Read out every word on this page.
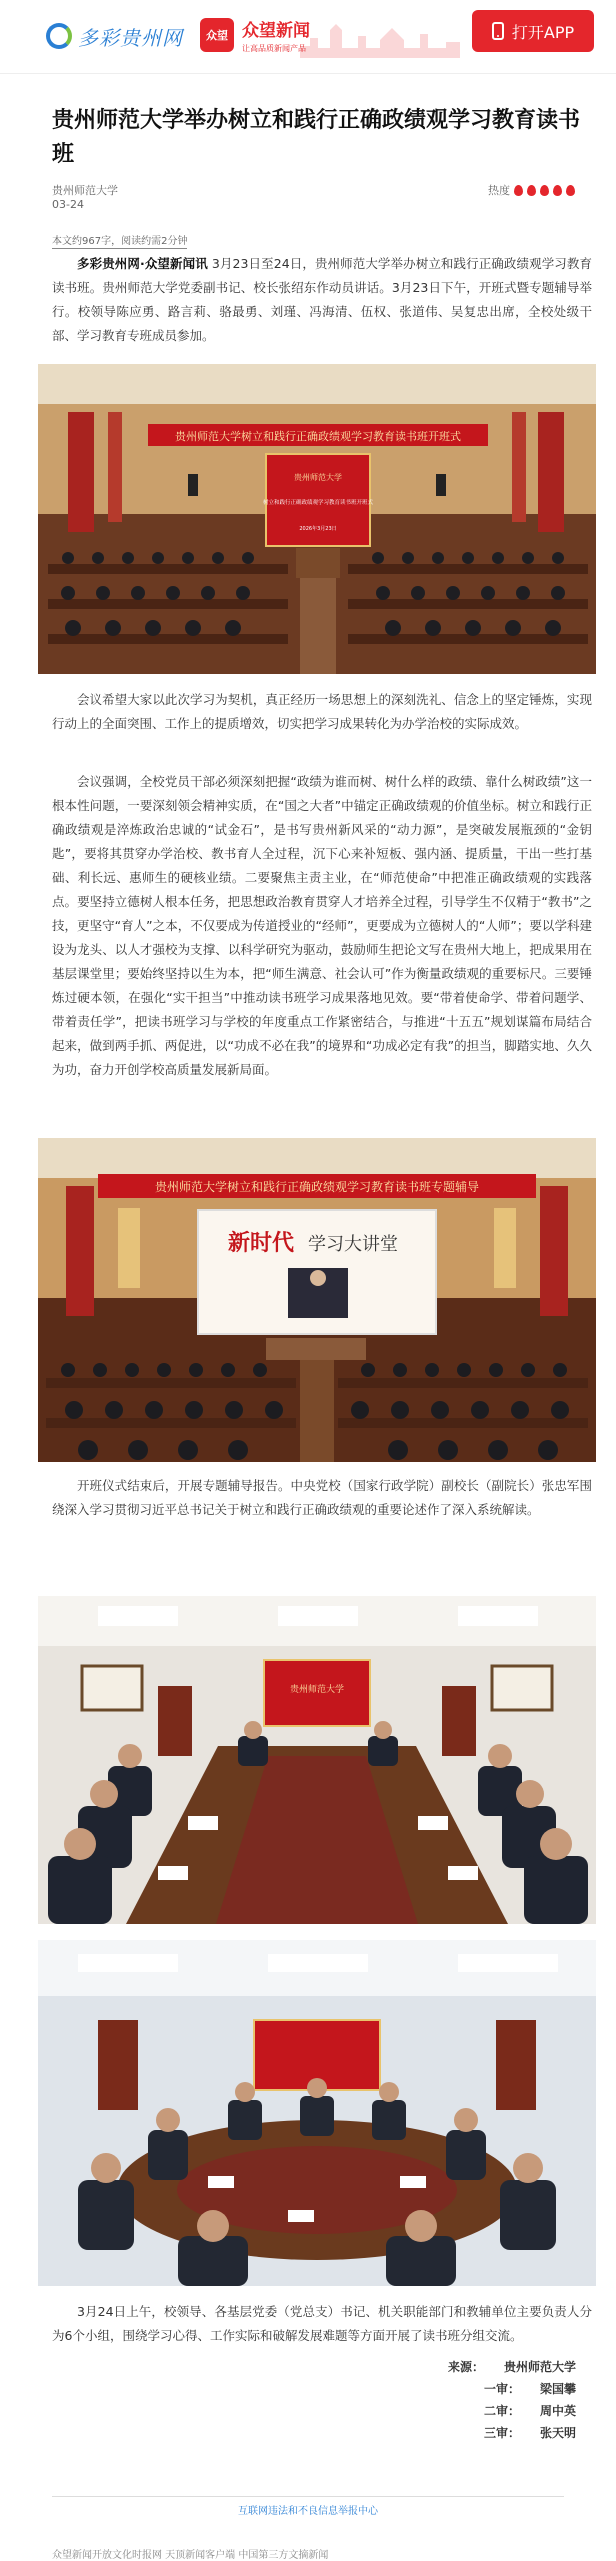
多彩贵州网	众望 众望新闻
让高品质新闻产品
打开APP
贵州师范大学举办树立和践行正确政绩观学习教育读书班
贵州师范大学
03-24
热度
本文约967字，阅读约需2分钟

多彩贵州网·众望新闻讯 3月23日至24日，贵州师范大学举办树立和践行正确政绩观学习教育读书班。贵州师范大学党委副书记、校长张绍东作动员讲话。3月23日下午，开班式暨专题辅导举行。校领导陈应勇、路言莉、骆最勇、刘瑾、冯海清、伍权、张道伟、吴复忠出席，全校处级干部、学习教育专班成员参加。

贵州师范大学树立和践行正确政绩观学习教育读书班开班式
贵州师范大学
树立和践行正确政绩观学习教育读书班开班式
2026年3月23日

会议希望大家以此次学习为契机，真正经历一场思想上的深刻洗礼、信念上的坚定锤炼，实现行动上的全面突围、工作上的提质增效，切实把学习成果转化为办学治校的实际成效。

会议强调，全校党员干部必须深刻把握“政绩为谁而树、树什么样的政绩、靠什么树政绩”这一根本性问题，一要深刻领会精神实质，在“国之大者”中锚定正确政绩观的价值坐标。树立和践行正确政绩观是淬炼政治忠诚的“试金石”，是书写贵州新风采的“动力源”，是突破发展瓶颈的“金钥匙”，要将其贯穿办学治校、教书育人全过程，沉下心来补短板、强内涵、提质量，干出一些打基础、利长远、惠师生的硬核业绩。二要聚焦主责主业，在“师范使命”中把准正确政绩观的实践落点。要坚持立德树人根本任务，把思想政治教育贯穿人才培养全过程，引导学生不仅精于“教书”之技，更坚守“育人”之本，不仅要成为传道授业的“经师”，更要成为立德树人的“人师”；要以学科建设为龙头、以人才强校为支撑、以科学研究为驱动，鼓励师生把论文写在贵州大地上，把成果用在基层课堂里；要始终坚持以生为本，把“师生满意、社会认可”作为衡量政绩观的重要标尺。三要锤炼过硬本领，在强化“实干担当”中推动读书班学习成果落地见效。要“带着使命学、带着问题学、带着责任学”，把读书班学习与学校的年度重点工作紧密结合，与推进“十五五”规划谋篇布局结合起来，做到两手抓、两促进，以“功成不必在我”的境界和“功成必定有我”的担当，脚踏实地、久久为功，奋力开创学校高质量发展新局面。

贵州师范大学树立和践行正确政绩观学习教育读书班专题辅导
新时代 学习大讲堂

开班仪式结束后，开展专题辅导报告。中央党校（国家行政学院）副校长（副院长）张忠军围绕深入学习贯彻习近平总书记关于树立和践行正确政绩观的重要论述作了深入系统解读。

贵州师范大学

3月24日上午，校领导、各基层党委（党总支）书记、机关职能部门和教辅单位主要负责人分为6个小组，围绕学习心得、工作实际和破解发展难题等方面开展了读书班分组交流。

来源： 贵州师范大学
一审： 梁国攀
二审： 周中英
三审： 张天明
互联网违法和不良信息举报中心
众望新闻开放文化时报网 天顶新闻客户端 中国第三方文摘新闻
